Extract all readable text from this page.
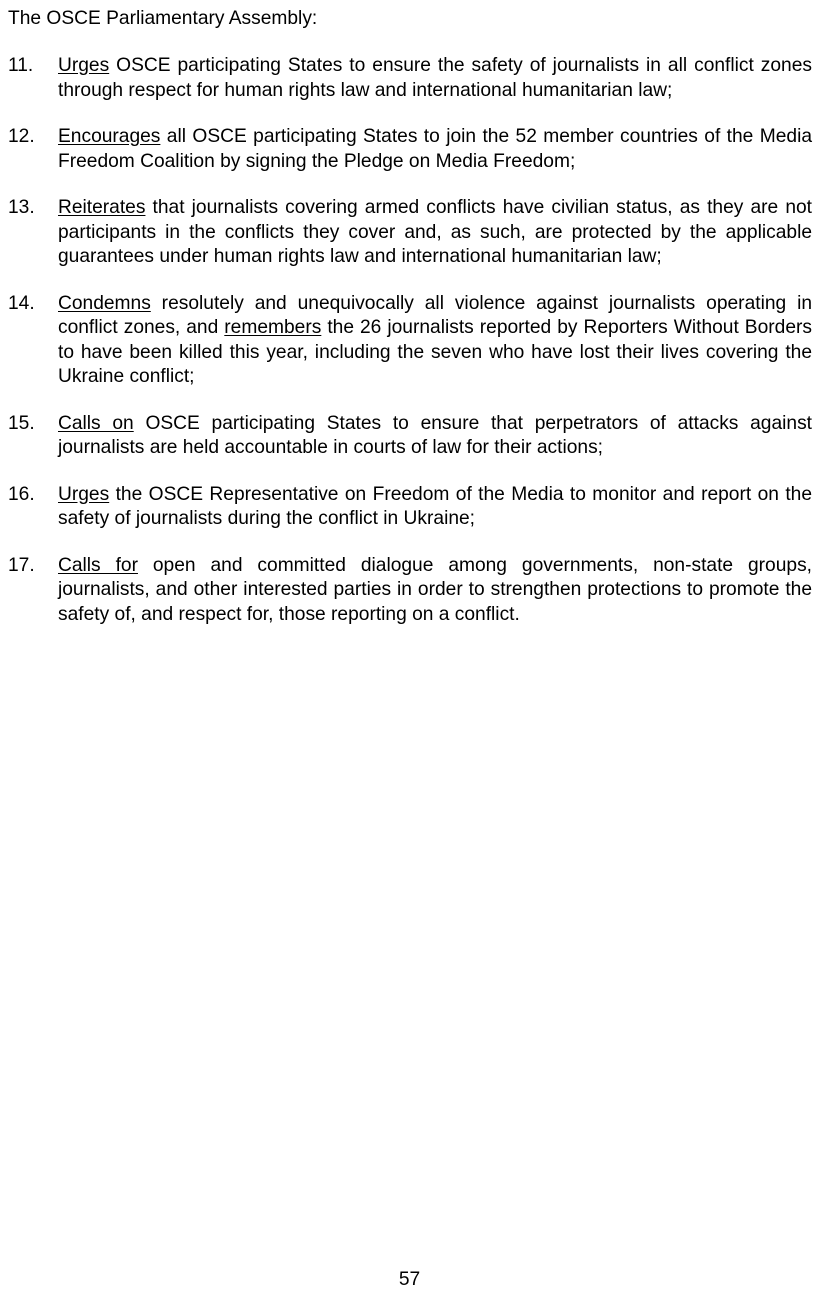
The OSCE Parliamentary Assembly:

11.	Urges OSCE participating States to ensure the safety of journalists in all conflict zones through respect for human rights law and international humanitarian law;
12.	Encourages all OSCE participating States to join the 52 member countries of the Media Freedom Coalition by signing the Pledge on Media Freedom;
13.	Reiterates that journalists covering armed conflicts have civilian status, as they are not participants in the conflicts they cover and, as such, are protected by the applicable guarantees under human rights law and international humanitarian law;
14.	Condemns resolutely and unequivocally all violence against journalists operating in conflict zones, and remembers the 26 journalists reported by Reporters Without Borders to have been killed this year, including the seven who have lost their lives covering the Ukraine conflict;
15.	Calls on OSCE participating States to ensure that perpetrators of attacks against journalists are held accountable in courts of law for their actions;
16.	Urges the OSCE Representative on Freedom of the Media to monitor and report on the safety of journalists during the conflict in Ukraine;
17.	Calls for open and committed dialogue among governments, non-state groups, journalists, and other interested parties in order to strengthen protections to promote the safety of, and respect for, those reporting on a conflict.

57
